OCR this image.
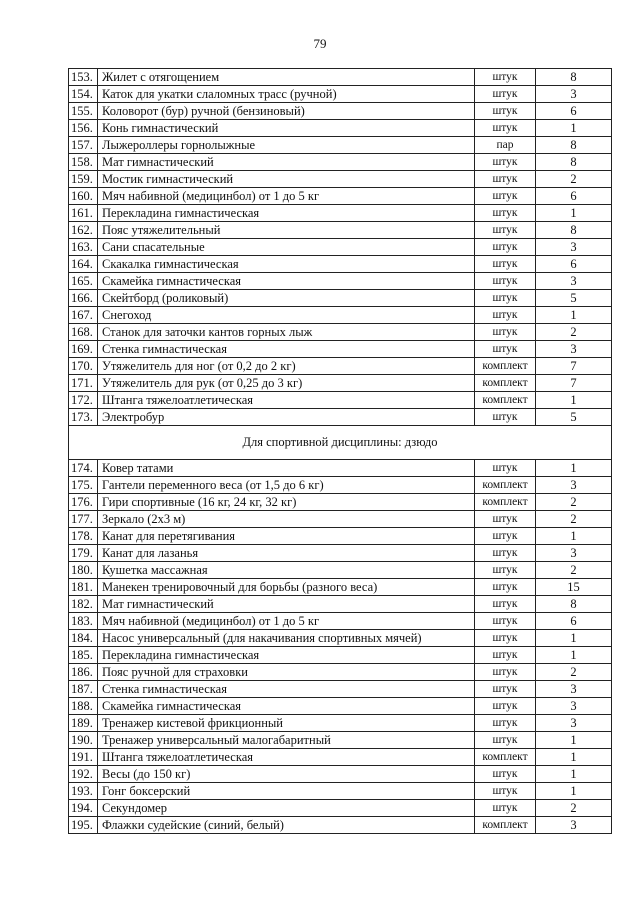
79
153.	Жилет с отягощением	штук	8
154.	Каток для укатки слаломных трасс (ручной)	штук	3
155.	Коловорот (бур) ручной (бензиновый)	штук	6
156.	Конь гимнастический	штук	1
157.	Лыжероллеры горнолыжные	пар	8
158.	Мат гимнастический	штук	8
159.	Мостик гимнастический	штук	2
160.	Мяч набивной (медицинбол) от 1 до 5 кг	штук	6
161.	Перекладина гимнастическая	штук	1
162.	Пояс утяжелительный	штук	8
163.	Сани спасательные	штук	3
164.	Скакалка гимнастическая	штук	6
165.	Скамейка гимнастическая	штук	3
166.	Скейтборд (роликовый)	штук	5
167.	Снегоход	штук	1
168.	Станок для заточки кантов горных лыж	штук	2
169.	Стенка гимнастическая	штук	3
170.	Утяжелитель для ног (от 0,2 до 2 кг)	комплект	7
171.	Утяжелитель для рук (от 0,25 до 3 кг)	комплект	7
172.	Штанга тяжелоатлетическая	комплект	1
173.	Электробур	штук	5
Для спортивной дисциплины: дзюдо			
174.	Ковер татами	штук	1
175.	Гантели переменного веса (от 1,5 до 6 кг)	комплект	3
176.	Гири спортивные (16 кг, 24 кг, 32 кг)	комплект	2
177.	Зеркало (2х3 м)	штук	2
178.	Канат для перетягивания	штук	1
179.	Канат для лазанья	штук	3
180.	Кушетка массажная	штук	2
181.	Манекен тренировочный для борьбы (разного веса)	штук	15
182.	Мат гимнастический	штук	8
183.	Мяч набивной (медицинбол) от 1 до 5 кг	штук	6
184.	Насос универсальный (для накачивания спортивных мячей)	штук	1
185.	Перекладина гимнастическая	штук	1
186.	Пояс ручной для страховки	штук	2
187.	Стенка гимнастическая	штук	3
188.	Скамейка гимнастическая	штук	3
189.	Тренажер кистевой фрикционный	штук	3
190.	Тренажер универсальный малогабаритный	штук	1
191.	Штанга тяжелоатлетическая	комплект	1
192.	Весы (до 150 кг)	штук	1
193.	Гонг боксерский	штук	1
194.	Секундомер	штук	2
195.	Флажки судейские (синий, белый)	комплект	3
